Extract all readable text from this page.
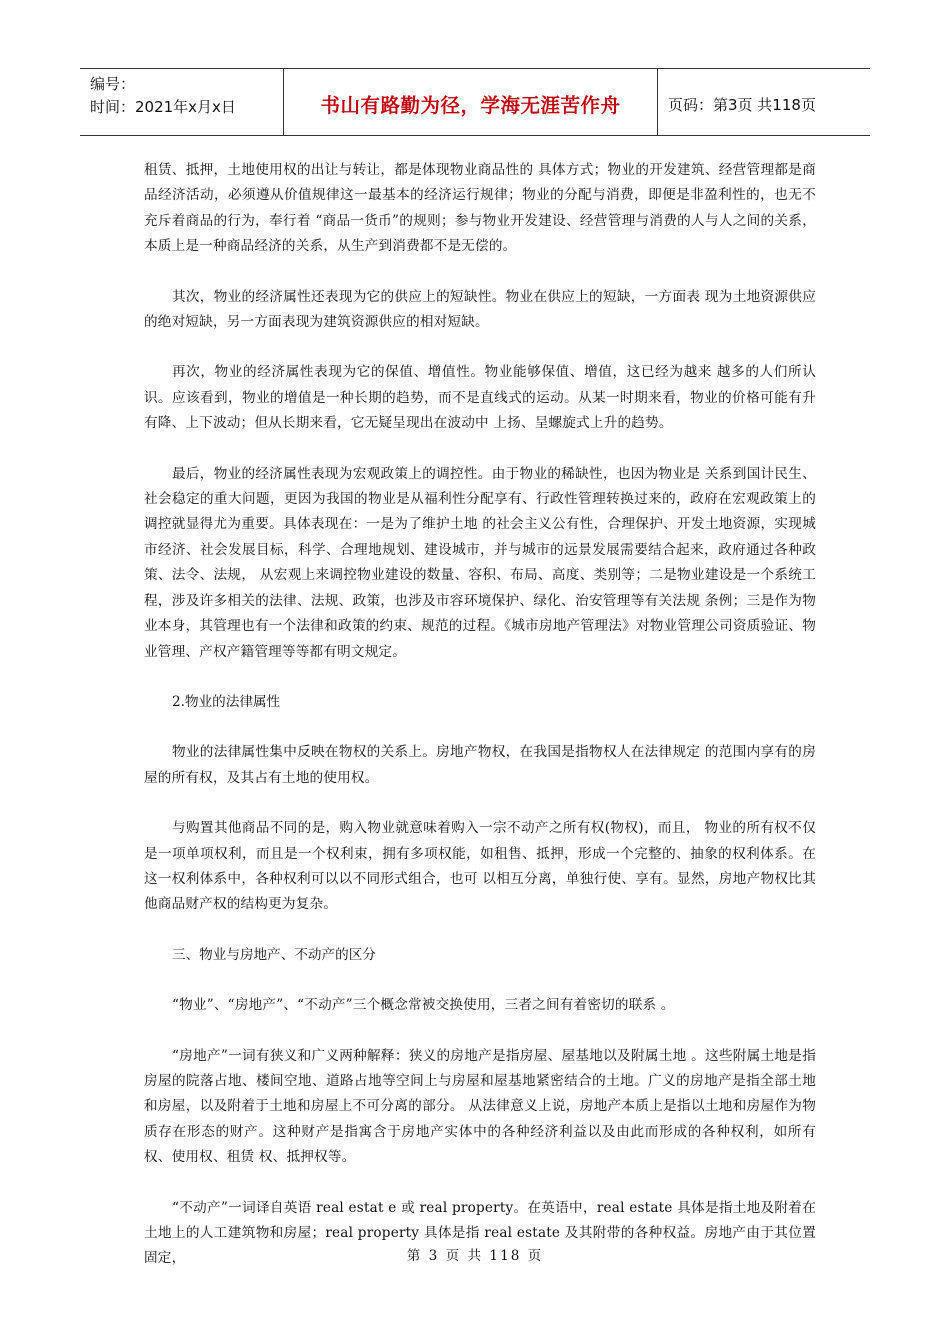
编号：
时间：2021年x月x日	书山有路勤为径，学海无涯苦作舟	页码：第3页 共118页

租赁、抵押，土地使用权的出让与转让，都是体现物业商品性的 具体方式；物业的开发建筑、经营管理都是商品经济活动，必须遵从价值规律这一最基本的经济运行规律；物业的分配与消费，即便是非盈利性的，也无不充斥着商品的行为，奉行着 “商品一货币”的规则；参与物业开发建设、经营管理与消费的人与人之间的关系，本质上是一种商品经济的关系，从生产到消费都不是无偿的。

其次，物业的经济属性还表现为它的供应上的短缺性。物业在供应上的短缺，一方面表 现为土地资源供应的绝对短缺，另一方面表现为建筑资源供应的相对短缺。

再次，物业的经济属性表现为它的保值、增值性。物业能够保值、增值，这已经为越来 越多的人们所认识。应该看到，物业的增值是一种长期的趋势，而不是直线式的运动。从某一时期来看，物业的价格可能有升有降、上下波动；但从长期来看，它无疑呈现出在波动中 上扬、呈螺旋式上升的趋势。

最后，物业的经济属性表现为宏观政策上的调控性。由于物业的稀缺性，也因为物业是 关系到国计民生、社会稳定的重大问题，更因为我国的物业是从福利性分配享有、行政性管理转换过来的，政府在宏观政策上的调控就显得尤为重要。具体表现在：一是为了维护土地 的社会主义公有性，合理保护、开发土地资源，实现城市经济、社会发展目标，科学、合理地规划、建设城市，并与城市的远景发展需要结合起来，政府通过各种政策、法令、法规， 从宏观上来调控物业建设的数量、容积、布局、高度、类别等；二是物业建设是一个系统工程，涉及许多相关的法律、法规、政策，也涉及市容环境保护、绿化、治安管理等有关法规 条例；三是作为物业本身，其管理也有一个法律和政策的约束、规范的过程。《城市房地产管理法》对物业管理公司资质验证、物业管理、产权产籍管理等等都有明文规定。

2.物业的法律属性

物业的法律属性集中反映在物权的关系上。房地产物权，在我国是指物权人在法律规定 的范围内享有的房屋的所有权，及其占有土地的使用权。

与购置其他商品不同的是，购入物业就意味着购入一宗不动产之所有权(物权)，而且， 物业的所有权不仅是一项单项权利，而且是一个权利束，拥有多项权能，如租售、抵押，形成一个完整的、抽象的权利体系。在这一权利体系中，各种权利可以以不同形式组合，也可 以相互分离，单独行使、享有。显然，房地产物权比其他商品财产权的结构更为复杂。

三、物业与房地产、不动产的区分

“物业”、“房地产”、“不动产”三个概念常被交换使用，三者之间有着密切的联系 。

“房地产”一词有狭义和广义两种解释：狭义的房地产是指房屋、屋基地以及附属土地 。这些附属土地是指房屋的院落占地、楼间空地、道路占地等空间上与房屋和屋基地紧密结合的土地。广义的房地产是指全部土地和房屋，以及附着于土地和房屋上不可分离的部分。 从法律意义上说，房地产本质上是指以土地和房屋作为物质存在形态的财产。这种财产是指寓含于房地产实体中的各种经济利益以及由此而形成的各种权利，如所有权、使用权、租赁 权、抵押权等。

“不动产”一词译自英语 real estat e 或 real property。在英语中，real estate 具体是指土地及附着在土地上的人工建筑物和房屋；real property 具体是指 real estate 及其附带的各种权益。房地产由于其位置固定，	第 3 页 共 118 页
